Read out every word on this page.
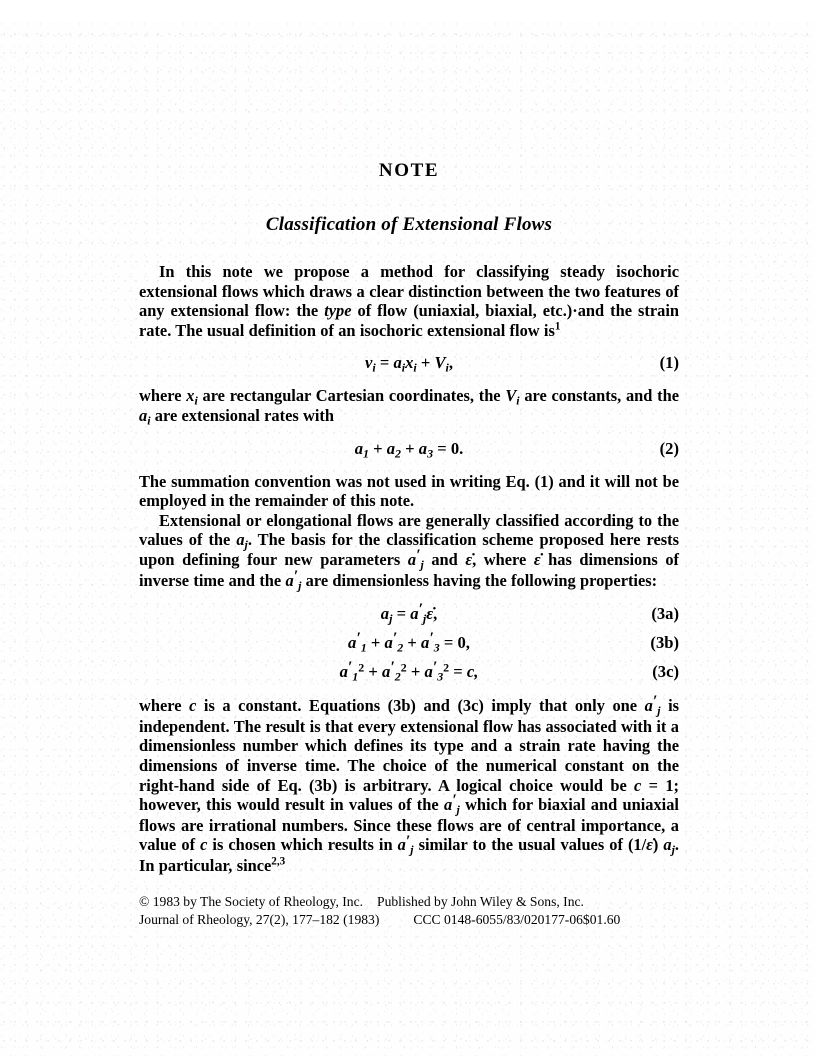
NOTE
Classification of Extensional Flows

In this note we propose a method for classifying steady isochoric extensional flows which draws a clear distinction between the two features of any extensional flow: the type of flow (uniaxial, biaxial, etc.)·and the strain rate. The usual definition of an isochoric extensional flow is$^1$

$v_i = a_ix_i + V_i$,	(1)

where $x_i$ are rectangular Cartesian coordinates, the $V_i$ are constants, and the $a_i$ are extensional rates with

$a_1 + a_2 + a_3 = 0$.	(2)

The summation convention was not used in writing Eq. (1) and it will not be employed in the remainder of this note.

Extensional or elongational flows are generally classified according to the values of the $a_j$. The basis for the classification scheme proposed here rests upon defining four new parameters $a'_j$ and ε̇, where ε̇ has dimensions of inverse time and the $a'_j$ are dimensionless having the following properties:

$a_j$ = $a'_j\varepsiloṅ$,	(3a)
$a'_1 + a'_2 + a'_3 = 0$,	(3b)
$a'_1^2 + a'_2^2 + a'_3^2 = c$,	(3c)

where c is a constant. Equations (3b) and (3c) imply that only one $a'_j$ is independent. The result is that every extensional flow has associated with it a dimensionless number which defines its type and a strain rate having the dimensions of inverse time. The choice of the numerical constant on the right-hand side of Eq. (3b) is arbitrary. A logical choice would be c = 1; however, this would result in values of the $a'_j$ which for biaxial and uniaxial flows are irrational numbers. Since these flows are of central importance, a value of c is chosen which results in $a'_j$ similar to the usual values of (1/ε̇) $a_j$. In particular, since$^{2,3}$

© 1983 by The Society of Rheology, Inc. Published by John Wiley & Sons, Inc.
Journal of Rheology, 27(2), 177–182 (1983)	CCC 0148-6055/83/020177-06$01.60
